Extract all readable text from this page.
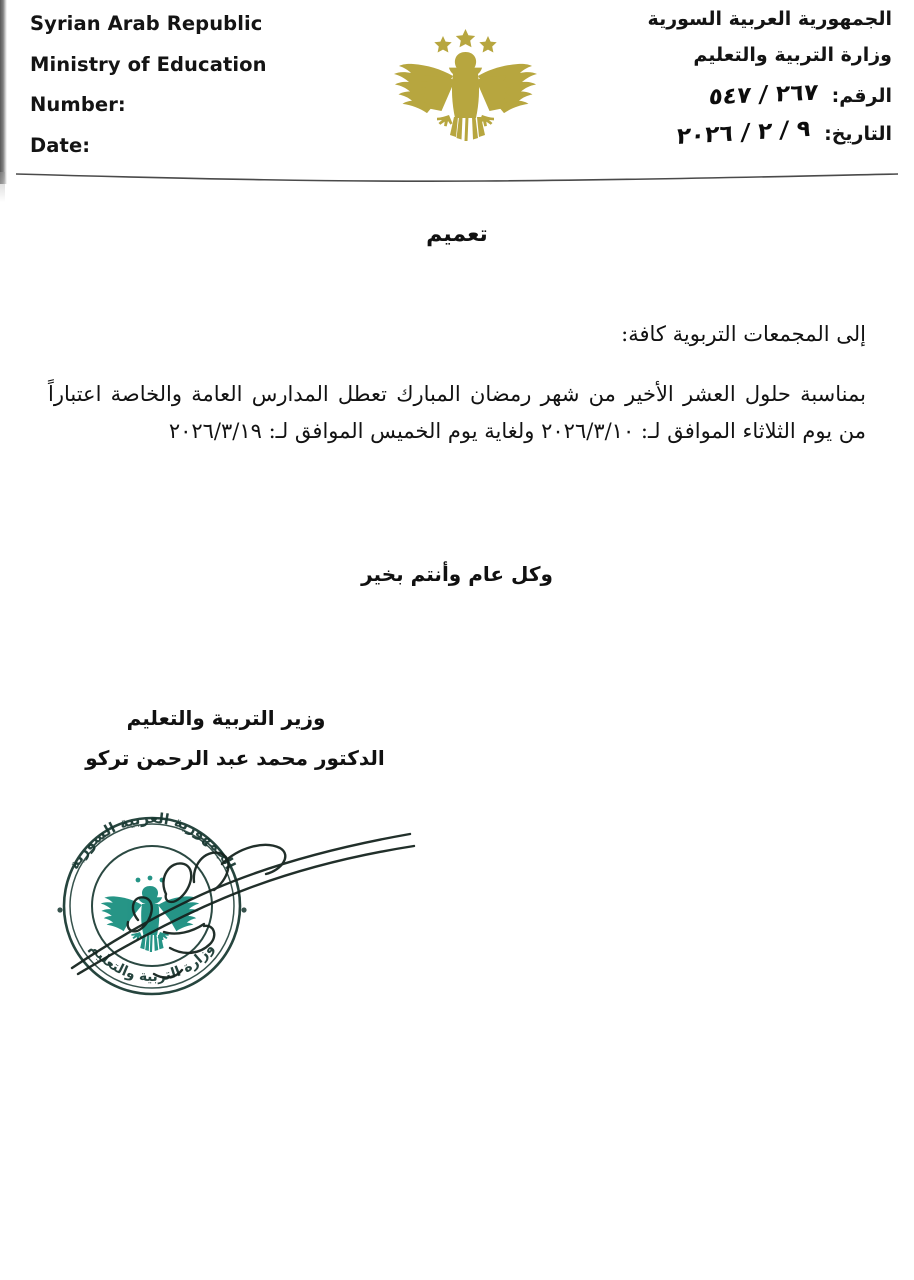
Syrian Arab Republic
Ministry of Education
Number:
Date:
الجمهورية العربية السورية
وزارة التربية والتعليم
الرقم:
٢٦٧ / ٥٤٧
التاريخ:
٩ / ٢ / ٢٠٢٦
تعميم
إلى المجمعات التربوية كافة:
بمناسبة حلول العشر الأخير من شهر رمضان المبارك تعطل المدارس العامة والخاصة اعتباراً من يوم الثلاثاء الموافق لـ: ٢٠٢٦/٣/١٠ ولغاية يوم الخميس الموافق لـ: ٢٠٢٦/٣/١٩
وكل عام وأنتم بخير
وزير التربية والتعليم
الدكتور محمد عبد الرحمن تركو
الجمهورية العربية السورية
وزارة التربية والتعليم
